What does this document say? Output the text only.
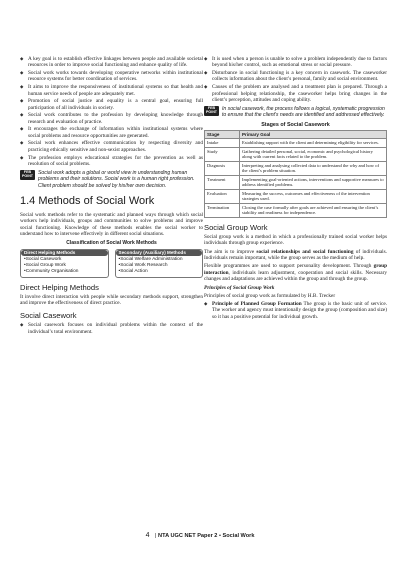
◆ A key goal is to establish effective linkages between people and available societal resources in order to improve social functioning and enhance quality of life.
◆ Social work works towards developing cooperative networks within institutional resource systems for better coordination of services.
◆ It aims to improve the responsiveness of institutional systems so that health and human service needs of people are adequately met.
◆ Promotion of social justice and equality is a central goal, ensuring full participation of all individuals in society.
◆ Social work contributes to the profession by developing knowledge through research and evaluation of practice.
◆ It encourages the exchange of information within institutional systems where social problems and resource opportunities are generated.
◆ Social work enhances effective communication by respecting diversity and practicing ethically sensitive and non-sexist approaches.
◆ The profession employs educational strategies for the prevention as well as resolution of social problems.
FEB
POINT Social work adopts a global or world view in understanding human problems and their solutions. Social work is a human right profession. Client problem should be solved by his/her own decision.
1.4 Methods of Social Work

Social work methods refer to the systematic and planned ways through which social workers help individuals, groups and communities to solve problems and improve social functioning. Knowledge of these methods enables the social worker to understand how to intervene effectively in different social situations.

Classification of Social Work Methods
Direct Helping Methods
• Social Casework
• Social Group Work
• Community Organisation
Secondary (Auxiliary) Methods
• Social Welfare Administration
• Social Work Research
• Social Action
Direct Helping Methods

It involve direct interaction with people while secondary methods support, strengthen and improve the effectiveness of direct practice.

Social Casework
◆ Social casework focuses on individual problems within the context of the individual’s total environment.
◆ It is used when a person is unable to solve a problem independently due to factors beyond his/her control, such as emotional stress or social pressure.
◆ Disturbance in social functioning is a key concern in casework. The caseworker collects information about the client’s personal, family and social environment.
◆ Causes of the problem are analysed and a treatment plan is prepared. Through a professional helping relationship, the caseworker helps bring changes in the client’s perception, attitudes and coping ability.
FEB
POINT In social casework, the process follows a logical, systematic progression to ensure that the client's needs are identified and addressed effectively.
Stages of Social Casework
Stage	Primary Goal
Intake	Establishing rapport with the client and determining eligibility for services.
Study	Gathering detailed personal, social, economic and psychological history along with current facts related to the problem.
Diagnosis	Interpreting and analysing collected data to understand the why and how of the client’s problem situation.
Treatment	Implementing goal-oriented actions, interventions and supportive measures to address identified problems.
Evaluation	Measuring the success, outcomes and effectiveness of the intervention strategies used.
Termination	Closing the case formally after goals are achieved and ensuring the client’s stability and readiness for independence.
Social Group Work

Social group work is a method in which a professionally trained social worker helps individuals through group experience.

The aim is to improve social relationships and social functioning of individuals. Individuals remain important, while the group serves as the medium of help.

Flexible programmes are used to support personality development. Through group interaction, individuals learn adjustment, cooperation and social skills. Necessary changes and adaptations are achieved within the group and through the group.

Principles of Social Group Work

Principles of social group work as formulated by H.B. Trecker

◆ Principle of Planned Group Formation The group is the basic unit of service. The worker and agency must intentionally design the group (composition and size) so it has a positive potential for individual growth.
4 | NTA UGC NET Paper 2 • Social Work
